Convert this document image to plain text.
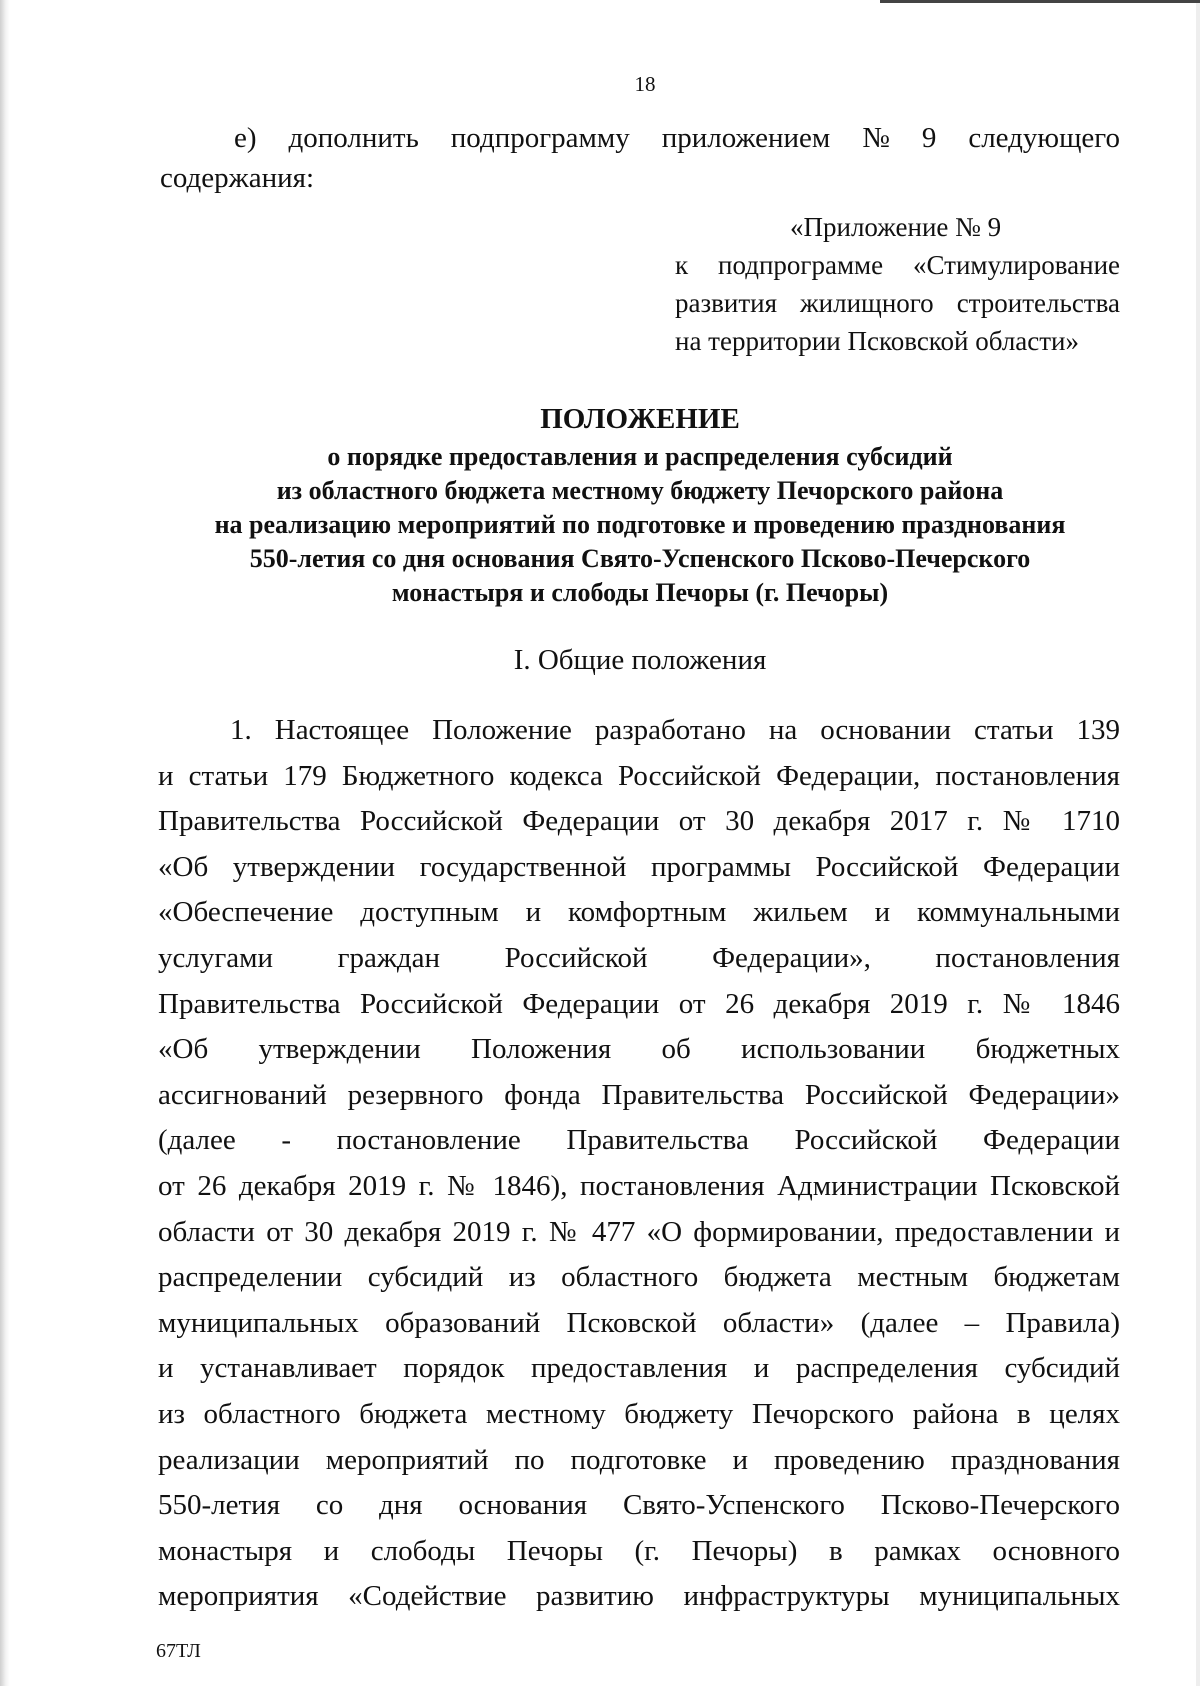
18
е) дополнить подпрограмму приложением № 9 следующего
содержания:
«Приложение № 9
к подпрограмме «Стимулирование
развития жилищного строительства
на территории Псковской области»
ПОЛОЖЕНИЕ
о порядке предоставления и распределения субсидий
из областного бюджета местному бюджету Печорского района
на реализацию мероприятий по подготовке и проведению празднования
550-летия со дня основания Свято-Успенского Псково-Печерского
монастыря и слободы Печоры (г. Печоры)
I. Общие положения
1. Настоящее Положение разработано на основании статьи 139
и статьи 179 Бюджетного кодекса Российской Федерации, постановления
Правительства Российской Федерации от 30 декабря 2017 г. № 1710
«Об утверждении государственной программы Российской Федерации
«Обеспечение доступным и комфортным жильем и коммунальными
услугами граждан Российской Федерации», постановления
Правительства Российской Федерации от 26 декабря 2019 г. № 1846
«Об утверждении Положения об использовании бюджетных
ассигнований резервного фонда Правительства Российской Федерации»
(далее - постановление Правительства Российской Федерации
от 26 декабря 2019 г. № 1846), постановления Администрации Псковской
области от 30 декабря 2019 г. № 477 «О формировании, предоставлении и
распределении субсидий из областного бюджета местным бюджетам
муниципальных образований Псковской области» (далее – Правила)
и устанавливает порядок предоставления и распределения субсидий
из областного бюджета местному бюджету Печорского района в целях
реализации мероприятий по подготовке и проведению празднования
550-летия со дня основания Свято-Успенского Псково-Печерского
монастыря и слободы Печоры (г. Печоры) в рамках основного
мероприятия «Содействие развитию инфраструктуры муниципальных
67ТЛ
